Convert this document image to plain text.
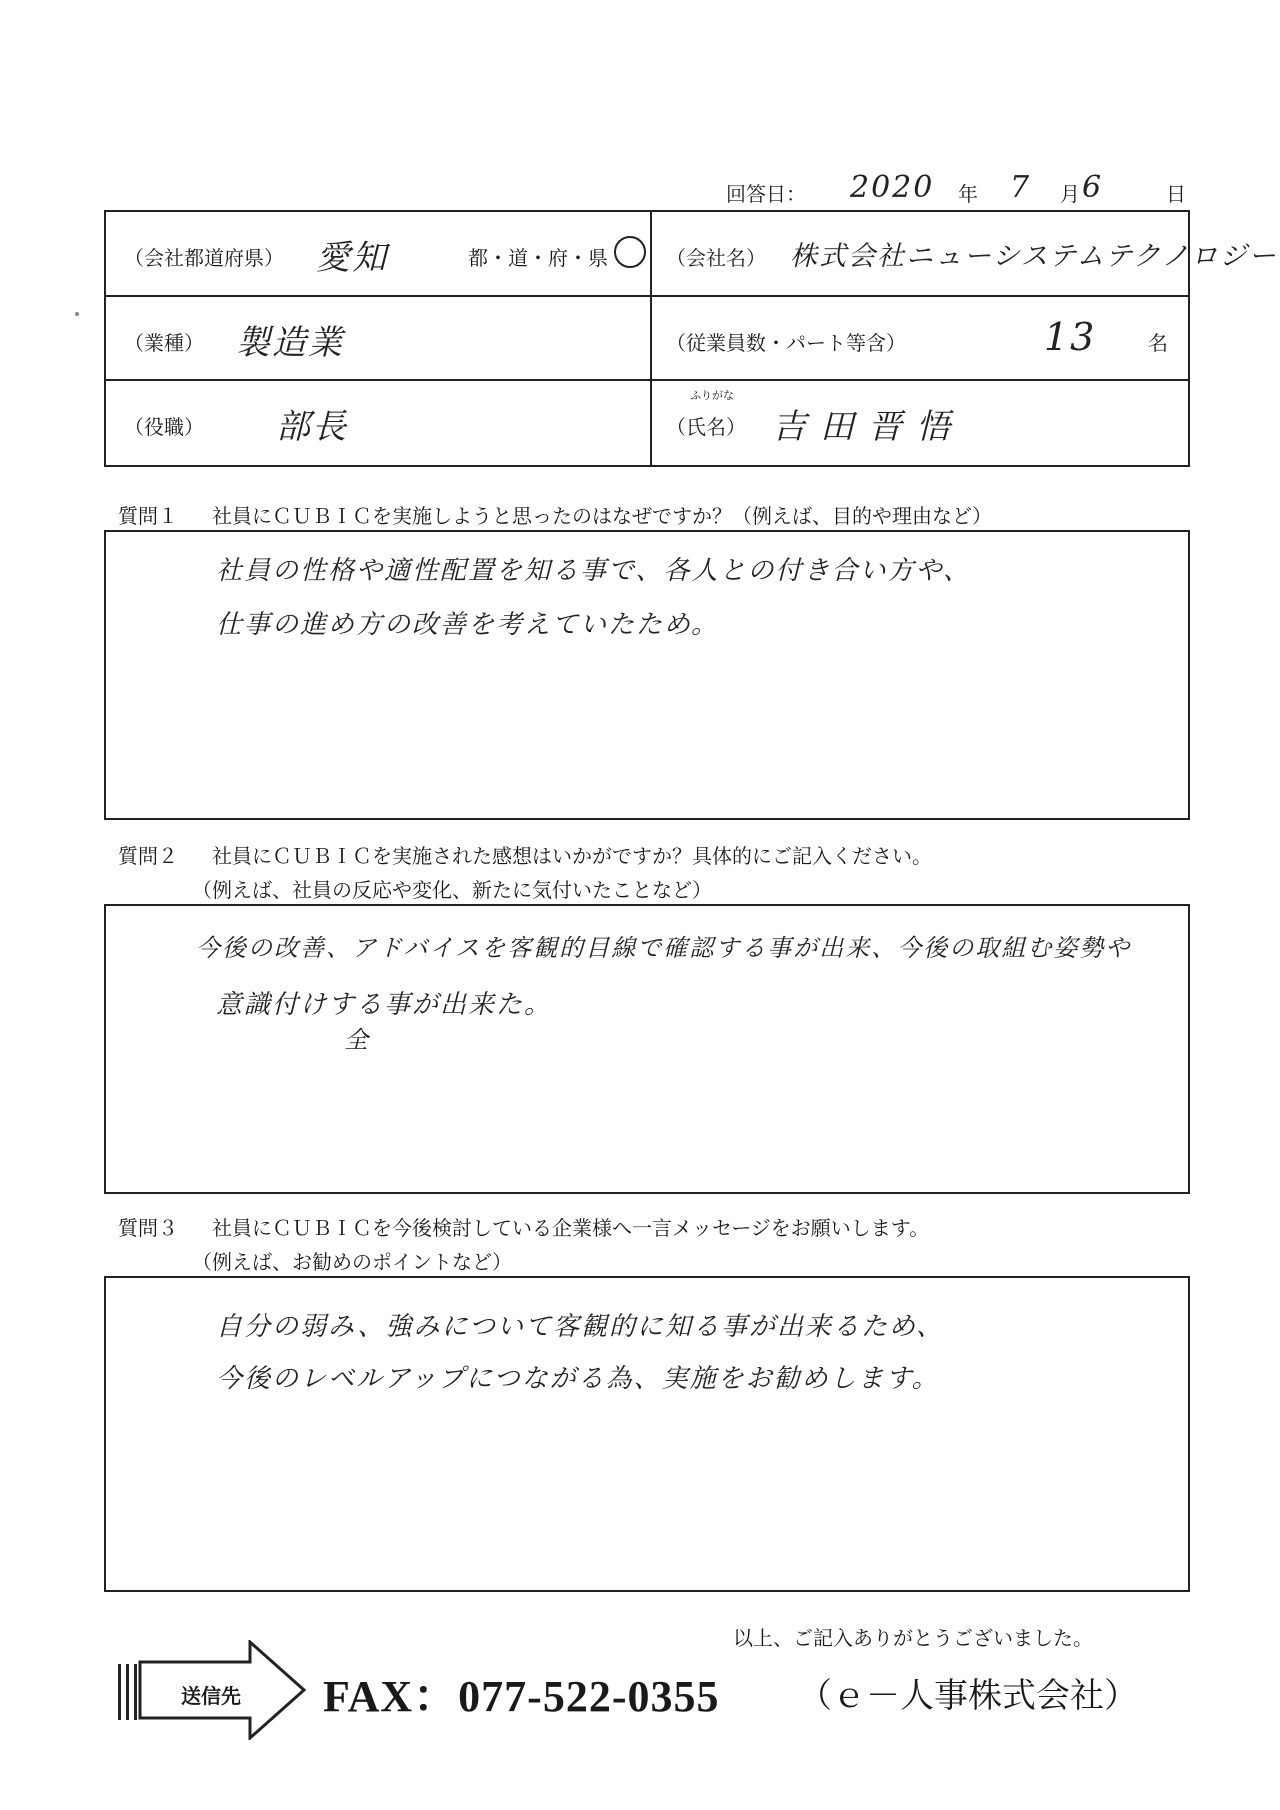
回答日： 2020 年 7 月 6	日
（会社都道府県） 愛知	都・道・府・県	（会社名） 株式会社ニューシステムテクノロジー
（業種） 製造業	（従業員数・パート等含）	13	名
（役職） 部長
ふりがな
（氏名） 吉田晋悟
質問１ 社員にＣＵＢＩＣを実施しようと思ったのはなぜですか？（例えば、目的や理由など）
社員の性格や適性配置を知る事で、各人との付き合い方や、
仕事の進め方の改善を考えていたため。
質問２ 社員にＣＵＢＩＣを実施された感想はいかがですか？具体的にご記入ください。
（例えば、社員の反応や変化、新たに気付いたことなど）
今後の改善、アドバイスを客観的目線で確認する事が出来、今後の取組む姿勢や
意識付けする事が出来た。
全
質問３ 社員にＣＵＢＩＣを今後検討している企業様へ一言メッセージをお願いします。
（例えば、お勧めのポイントなど）
自分の弱み、強みについて客観的に知る事が出来るため、
今後のレベルアップにつながる為、実施をお勧めします。
以上、ご記入ありがとうございました。
送信先 FAX：077-522-0355 （ｅ－人事株式会社）
